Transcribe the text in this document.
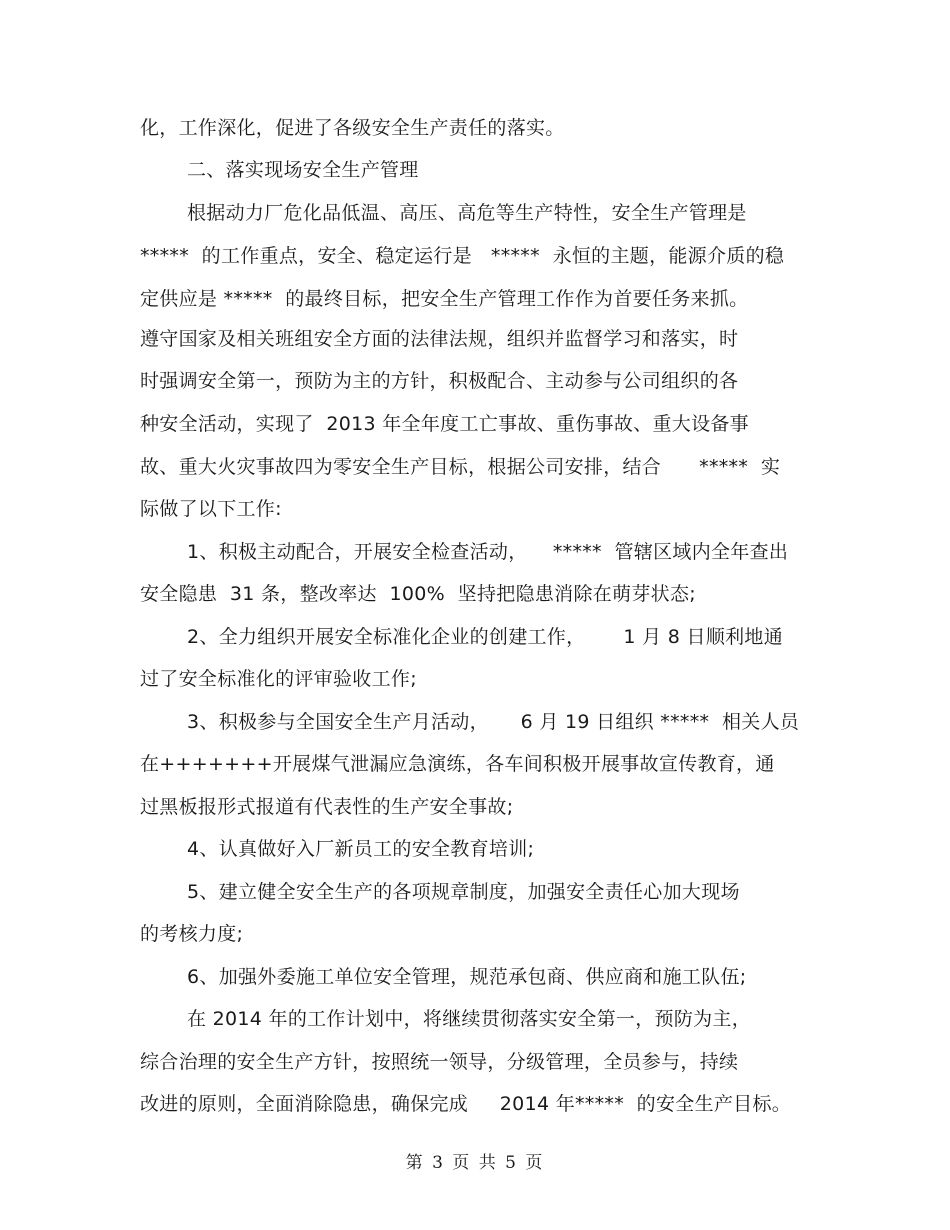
化，工作深化，促进了各级安全生产责任的落实。
二、落实现场安全生产管理
根据动力厂危化品低温、高压、高危等生产特性，安全生产管理是
*****  的工作重点，安全、稳定运行是   *****  永恒的主题，能源介质的稳
定供应是 *****  的最终目标，把安全生产管理工作作为首要任务来抓。
遵守国家及相关班组安全方面的法律法规，组织并监督学习和落实，时
时强调安全第一，预防为主的方针，积极配合、主动参与公司组织的各
种安全活动，实现了  2013 年全年度工亡事故、重伤事故、重大设备事
故、重大火灾事故四为零安全生产目标，根据公司安排，结合      *****  实
际做了以下工作:
1、积极主动配合，开展安全检查活动，    *****  管辖区域内全年查出
安全隐患  31 条，整改率达  100%  坚持把隐患消除在萌芽状态;
2、全力组织开展安全标准化企业的创建工作，      1 月 8 日顺利地通
过了安全标准化的评审验收工作;
3、积极参与全国安全生产月活动，     6 月 19 日组织 *****  相关人员
在+++++++开展煤气泄漏应急演练，各车间积极开展事故宣传教育，通
过黑板报形式报道有代表性的生产安全事故;
4、认真做好入厂新员工的安全教育培训;
5、建立健全安全生产的各项规章制度，加强安全责任心加大现场
的考核力度;
6、加强外委施工单位安全管理，规范承包商、供应商和施工队伍;
在 2014 年的工作计划中，将继续贯彻落实安全第一，预防为主，
综合治理的安全生产方针，按照统一领导，分级管理，全员参与，持续
改进的原则，全面消除隐患，确保完成     2014 年*****  的安全生产目标。
第 3 页 共 5 页
